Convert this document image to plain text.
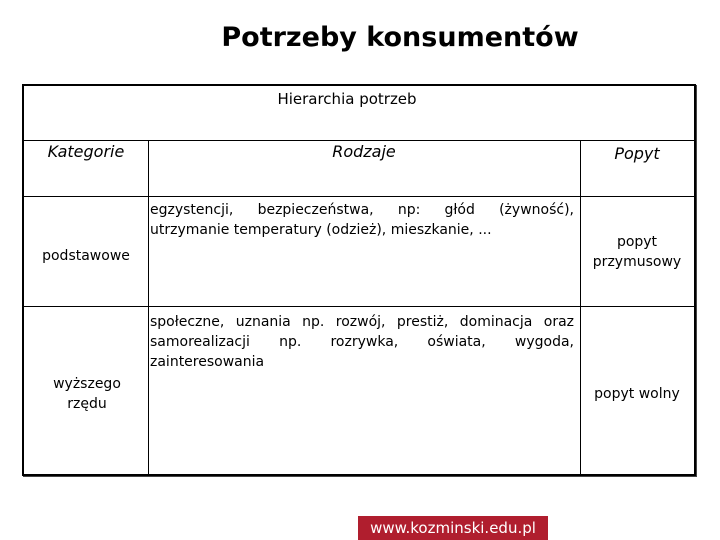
Potrzeby konsumentów
Hierarchia potrzeb
Kategorie	Rodzaje	Popyt
podstawowe
egzystencji, bezpieczeństwa, np: głód (żywność), utrzymanie temperatury (odzież), mieszkanie, ...
popyt przymusowy
wyższego rzędu
społeczne, uznania np. rozwój, prestiż, dominacja oraz samorealizacji np. rozrywka, oświata, wygoda, zainteresowania
popyt wolny
www.kozminski.edu.pl
